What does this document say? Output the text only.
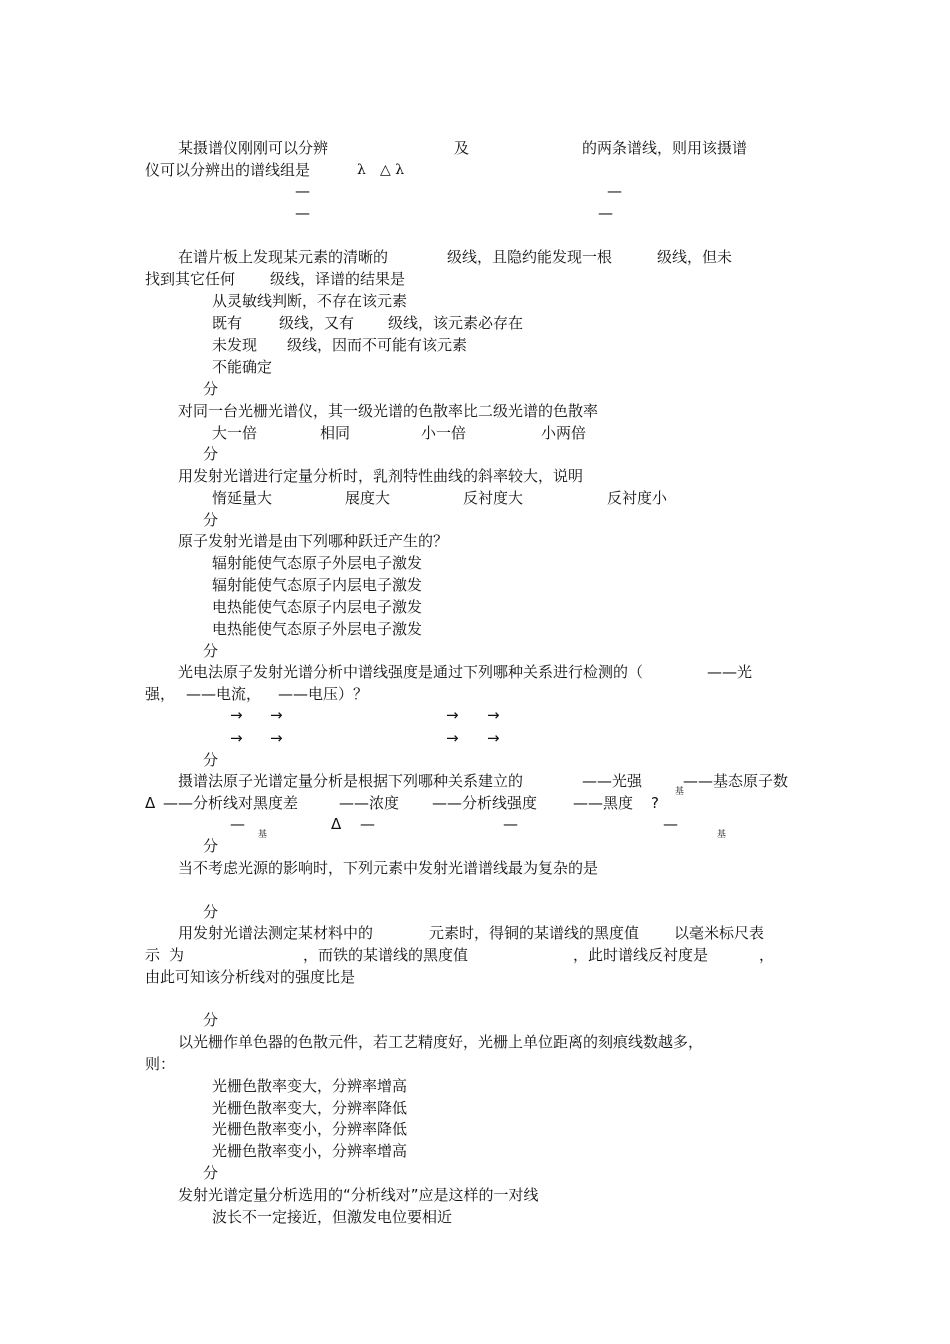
某摄谱仪刚刚可以分辨	及	的两条谱线，则用该摄谱
仪可以分辨出的谱线组是	λ △ λ
—	—
—	—
在谱片板上发现某元素的清晰的	级线，且隐约能发现一根	级线，但未
找到其它任何 级线，译谱的结果是
从灵敏线判断，不存在该元素
既有 级线，又有 级线，该元素必存在
未发现 级线，因而不可能有该元素
不能确定
分
对同一台光栅光谱仪，其一级光谱的色散率比二级光谱的色散率
大一倍	相同	小一倍	小两倍
分
用发射光谱进行定量分析时，乳剂特性曲线的斜率较大，说明
惰延量大	展度大	反衬度大	反衬度小
分
原子发射光谱是由下列哪种跃迁产生的？
辐射能使气态原子外层电子激发
辐射能使气态原子内层电子激发
电热能使气态原子内层电子激发
电热能使气态原子外层电子激发
分
光电法原子发射光谱分析中谱线强度是通过下列哪种关系进行检测的（	——光
强， ——电流， ——电压）？
→ →	→ →
→ →	→ →
分
摄谱法原子光谱定量分析是根据下列哪种关系建立的	——光强	——基态原子数
基
Δ ——分析线对黑度差	——浓度 ——分析线强度 ——黑度 ?
—
基
Δ —	—	—
基
分
当不考虑光源的影响时，下列元素中发射光谱谱线最为复杂的是
分
用发射光谱法测定某材料中的	元素时，得铜的某谱线的黑度值 以毫米标尺表
示 为	，而铁的某谱线的黑度值	，此时谱线反衬度是	，
由此可知该分析线对的强度比是
分
以光栅作单色器的色散元件，若工艺精度好，光栅上单位距离的刻痕线数越多，
则：
光栅色散率变大，分辨率增高
光栅色散率变大，分辨率降低
光栅色散率变小，分辨率降低
光栅色散率变小，分辨率增高
分
发射光谱定量分析选用的“分析线对”应是这样的一对线
波长不一定接近，但激发电位要相近
